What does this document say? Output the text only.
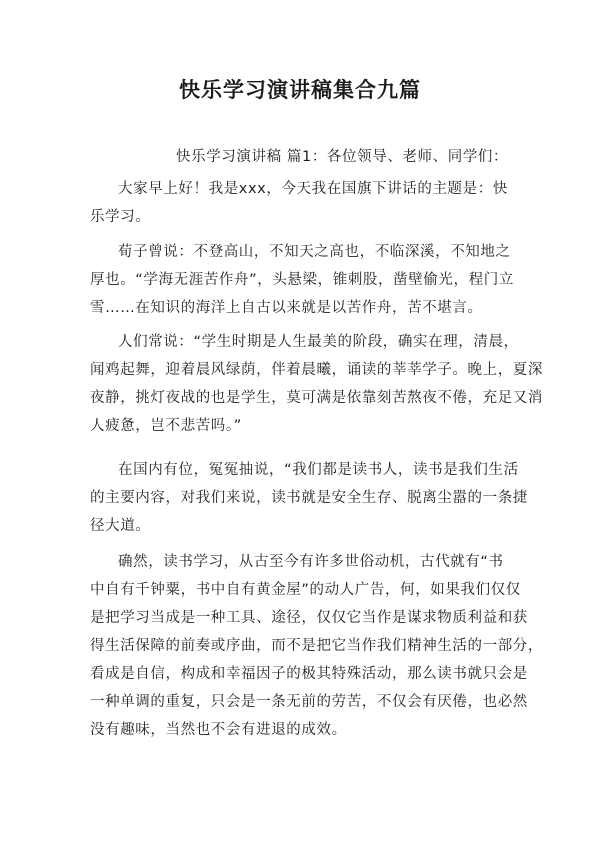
快乐学习演讲稿集合九篇
快乐学习演讲稿 篇1：各位领导、老师、同学们：
大家早上好！我是xxx，今天我在国旗下讲话的主题是：快
乐学习。
荀子曾说：不登高山，不知天之高也，不临深溪，不知地之
厚也。“学海无涯苦作舟”，头悬梁，锥刺股，凿壁偷光，程门立
雪……在知识的海洋上自古以来就是以苦作舟，苦不堪言。
人们常说：“学生时期是人生最美的阶段，确实在理，清晨，
闻鸡起舞，迎着晨风绿荫，伴着晨曦，诵读的莘莘学子。晚上，夏深
夜静，挑灯夜战的也是学生，莫可满是依靠刻苦熬夜不倦，充足又消
人疲惫，岂不悲苦吗。”
在国内有位，冤冤抽说，“我们都是读书人，读书是我们生活
的主要内容，对我们来说，读书就是安全生存、脱离尘嚣的一条捷
径大道。
确然，读书学习，从古至今有许多世俗动机，古代就有“书
中自有千钟粟，书中自有黄金屋”的动人广告，何，如果我们仅仅
是把学习当成是一种工具、途径，仅仅它当作是谋求物质利益和获
得生活保障的前奏或序曲，而不是把它当作我们精神生活的一部分，
看成是自信，构成和幸福因子的极其特殊活动，那么读书就只会是
一种单调的重复，只会是一条无前的劳苦，不仅会有厌倦，也必然
没有趣味，当然也不会有进退的成效。
